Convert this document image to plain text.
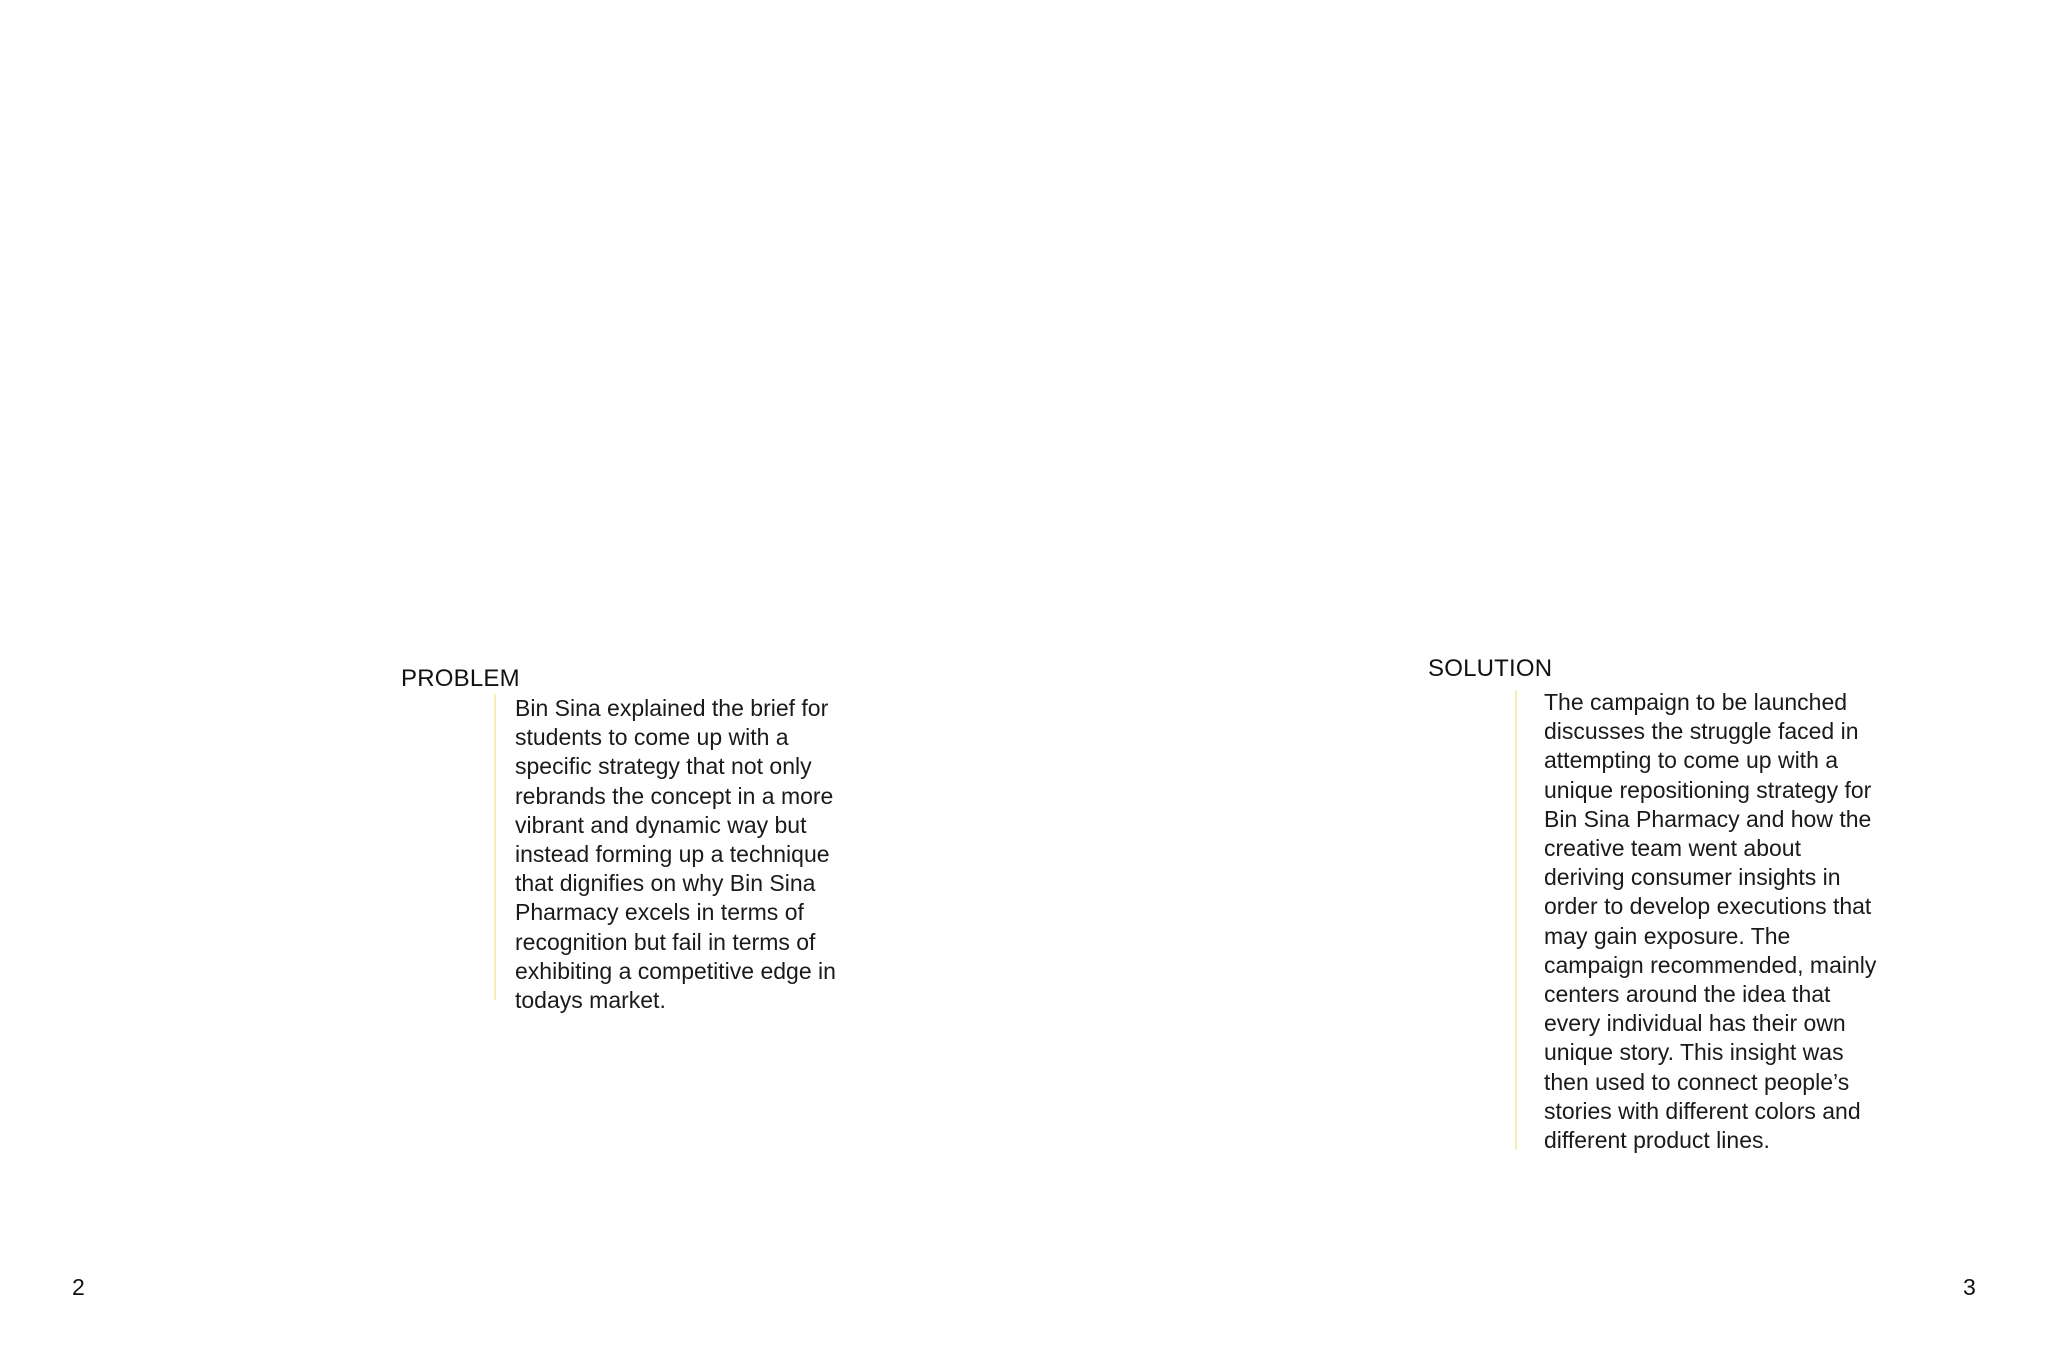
PROBLEM

Bin Sina explained the brief for
students to come up with a
specific strategy that not only
rebrands the concept in a more
vibrant and dynamic way but
instead forming up a technique
that dignifies on why Bin Sina
Pharmacy excels in terms of
recognition but fail in terms of
exhibiting a competitive edge in
todays market.

2
SOLUTION

The campaign to be launched
discusses the struggle faced in
attempting to come up with a
unique repositioning strategy for
Bin Sina Pharmacy and how the
creative team went about
deriving consumer insights in
order to develop executions that
may gain exposure. The
campaign recommended, mainly
centers around the idea that
every individual has their own
unique story. This insight was
then used to connect people’s
stories with different colors and
different product lines.

3
